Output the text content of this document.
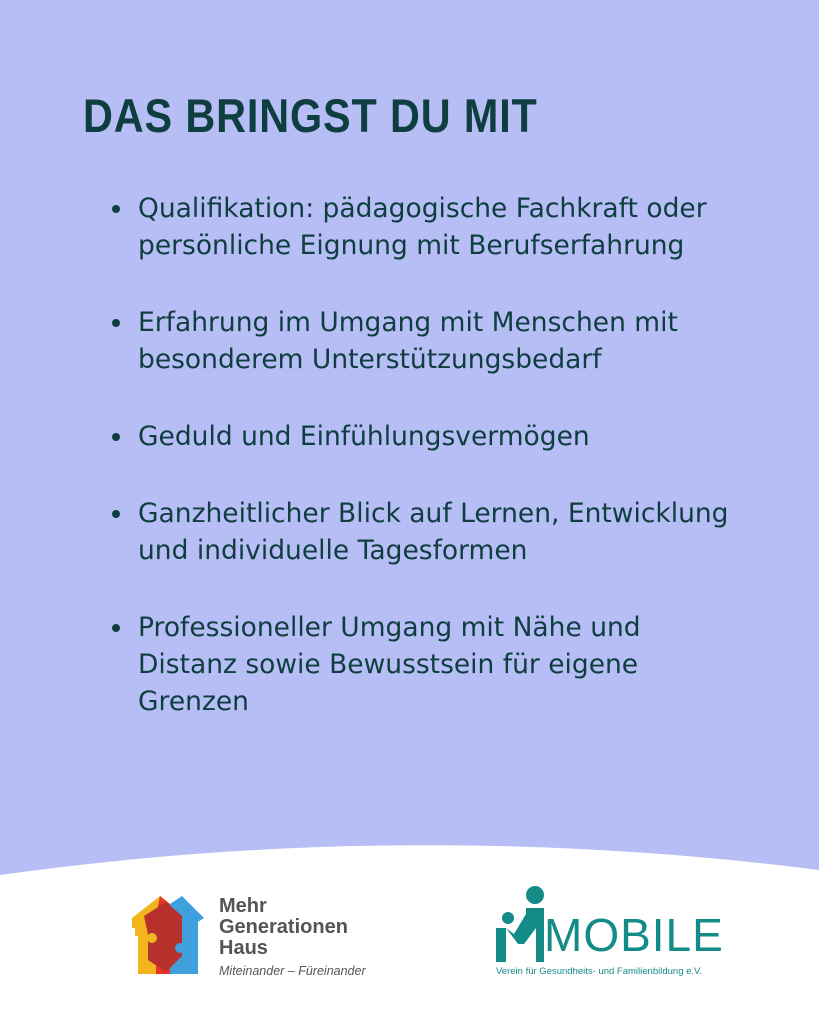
DAS BRINGST DU MIT
Qualifikation: pädagogische Fachkraft oder persönliche Eignung mit Berufserfahrung
Erfahrung im Umgang mit Menschen mit besonderem Unterstützungsbedarf
Geduld und Einfühlungsvermögen
Ganzheitlicher Blick auf Lernen, Entwicklung und individuelle Tagesformen
Professioneller Umgang mit Nähe und Distanz sowie Bewusstsein für eigene Grenzen
Mehr
Generationen
Haus
Miteinander – Füreinander
MOBILE
Verein für Gesundheits- und Familienbildung e.V.
